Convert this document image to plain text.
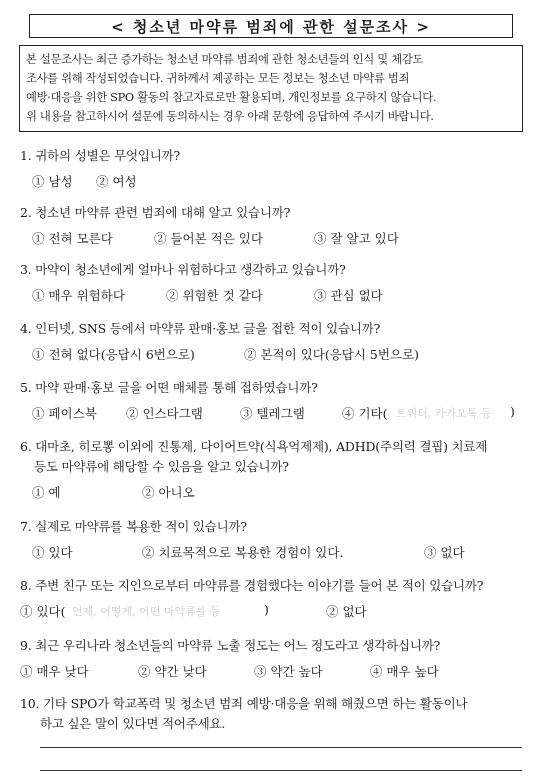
< 청소년 마약류 범죄에 관한 설문조사 >
본 설문조사는 최근 증가하는 청소년 마약류 범죄에 관한 청소년들의 인식 및 체감도
조사를 위해 작성되었습니다. 귀하께서 제공하는 모든 정보는 청소년 마약류 범죄
예방·대응을 위한 SPO 활동의 참고자료로만 활용되며, 개인정보를 요구하지 않습니다.
위 내용을 참고하시어 설문에 동의하시는 경우 아래 문항에 응답하여 주시기 바랍니다.
1. 귀하의 성별은 무엇입니까?
① 남성 ② 여성
2. 청소년 마약류 관련 범죄에 대해 알고 있습니까?
① 전혀 모른다	② 들어본 적은 있다	③ 잘 알고 있다
3. 마약이 청소년에게 얼마나 위험하다고 생각하고 있습니까?
① 매우 위험하다	② 위험한 것 같다	③ 관심 없다
4. 인터넷, SNS 등에서 마약류 판매·홍보 글을 접한 적이 있습니까?
① 전혀 없다(응답시 6번으로)	② 본적이 있다(응답시 5번으로)
5. 마약 판매·홍보 글을 어떤 매체를 통해 접하였습니까?
① 페이스북 ② 인스타그램	③ 텔레그램	④ 기타( 트위터, 카카오톡 등 )
6. 대마초, 히로뽕 이외에 진통제, 다이어트약(식욕억제제), ADHD(주의력 결핍) 치료제
등도 마약류에 해당할 수 있음을 알고 있습니까?
① 예	② 아니오
7. 실제로 마약류를 복용한 적이 있습니까?
① 있다	② 치료목적으로 복용한 경험이 있다.	③ 없다
8. 주변 친구 또는 지인으로부터 마약류를 경험했다는 이야기를 들어 본 적이 있습니까?
① 있다( 언제, 어떻게, 어떤 마약류를 등	)	② 없다
9. 최근 우리나라 청소년들의 마약류 노출 정도는 어느 정도라고 생각하십니까?
① 매우 낮다	② 약간 낮다	③ 약간 높다	④ 매우 높다
10. 기타 SPO가 학교폭력 및 청소년 범죄 예방·대응을 위해 해줬으면 하는 활동이나
하고 싶은 말이 있다면 적어주세요.
